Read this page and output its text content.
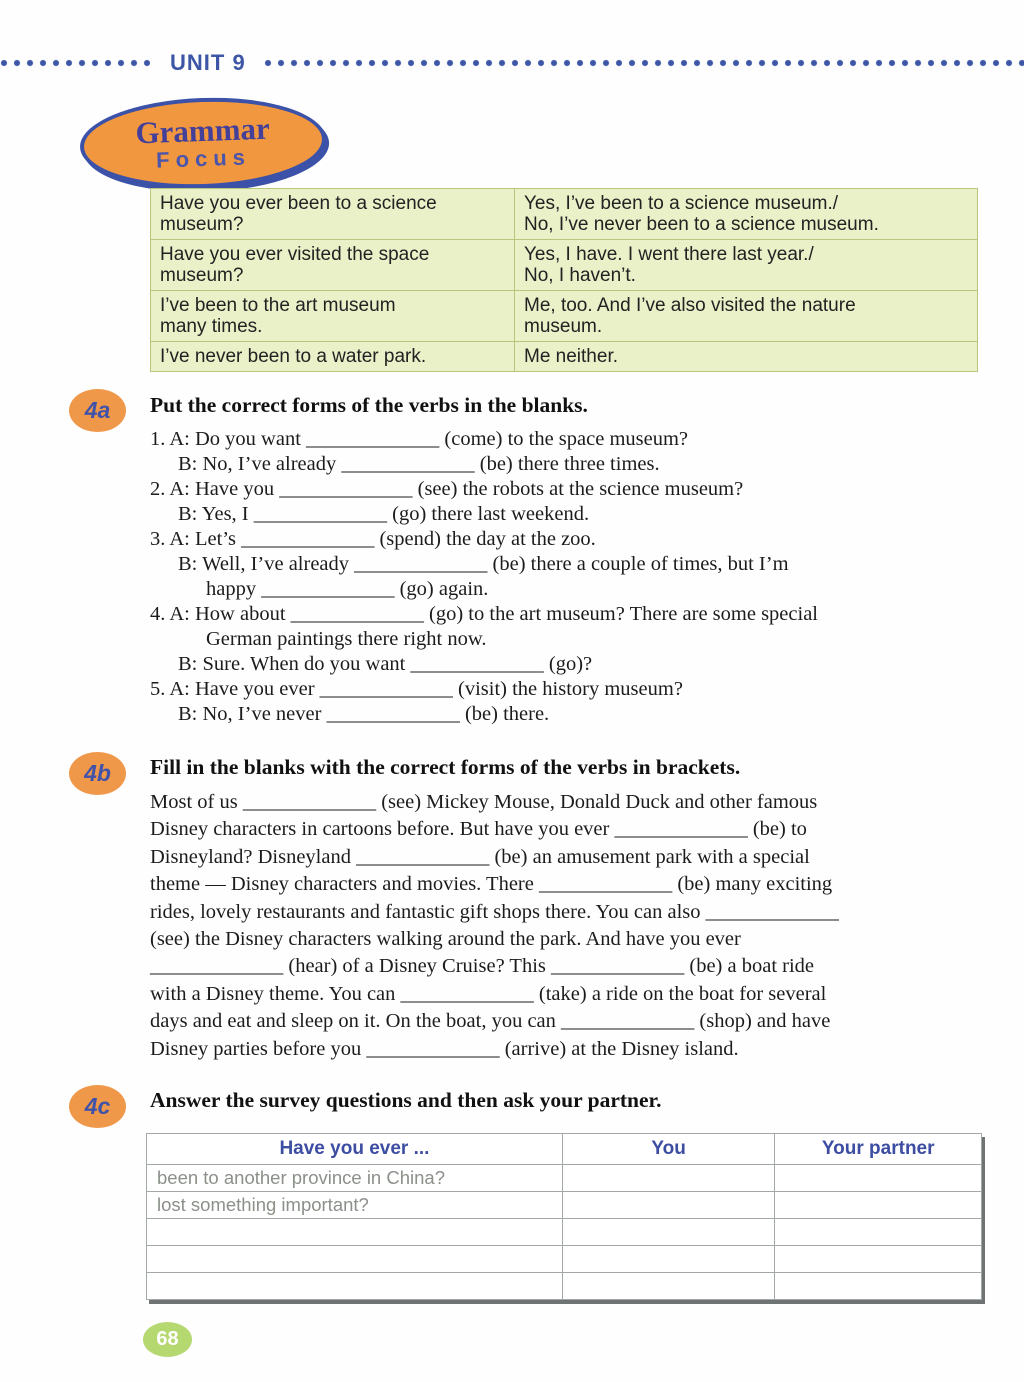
UNIT 9
Grammar
Focus
Have you ever been to a science
museum?	Yes, I’ve been to a science museum./
No, I’ve never been to a science museum.
Have you ever visited the space
museum?	Yes, I have. I went there last year./
No, I haven’t.
I’ve been to the art museum
many times.	Me, too. And I’ve also visited the nature
museum.
I’ve never been to a water park.	Me neither.
4a	Put the correct forms of the verbs in the blanks.
1. A: Do you want _____________ (come) to the space museum?
B: No, I’ve already _____________ (be) there three times.
2. A: Have you _____________ (see) the robots at the science museum?
B: Yes, I _____________ (go) there last weekend.
3. A: Let’s _____________ (spend) the day at the zoo.
B: Well, I’ve already _____________ (be) there a couple of times, but I’m
happy _____________ (go) again.
4. A: How about _____________ (go) to the art museum? There are some special
German paintings there right now.
B: Sure. When do you want _____________ (go)?
5. A: Have you ever _____________ (visit) the history museum?
B: No, I’ve never _____________ (be) there.
4b	Fill in the blanks with the correct forms of the verbs in brackets.
Most of us _____________ (see) Mickey Mouse, Donald Duck and other famous
Disney characters in cartoons before. But have you ever _____________ (be) to
Disneyland? Disneyland _____________ (be) an amusement park with a special
theme — Disney characters and movies. There _____________ (be) many exciting
rides, lovely restaurants and fantastic gift shops there. You can also _____________
(see) the Disney characters walking around the park. And have you ever
_____________ (hear) of a Disney Cruise? This _____________ (be) a boat ride
with a Disney theme. You can _____________ (take) a ride on the boat for several
days and eat and sleep on it. On the boat, you can _____________ (shop) and have
Disney parties before you _____________ (arrive) at the Disney island.
4c	Answer the survey questions and then ask your partner.
Have you ever ...	You	Your partner
been to another province in China?		
lost something important?		

68
